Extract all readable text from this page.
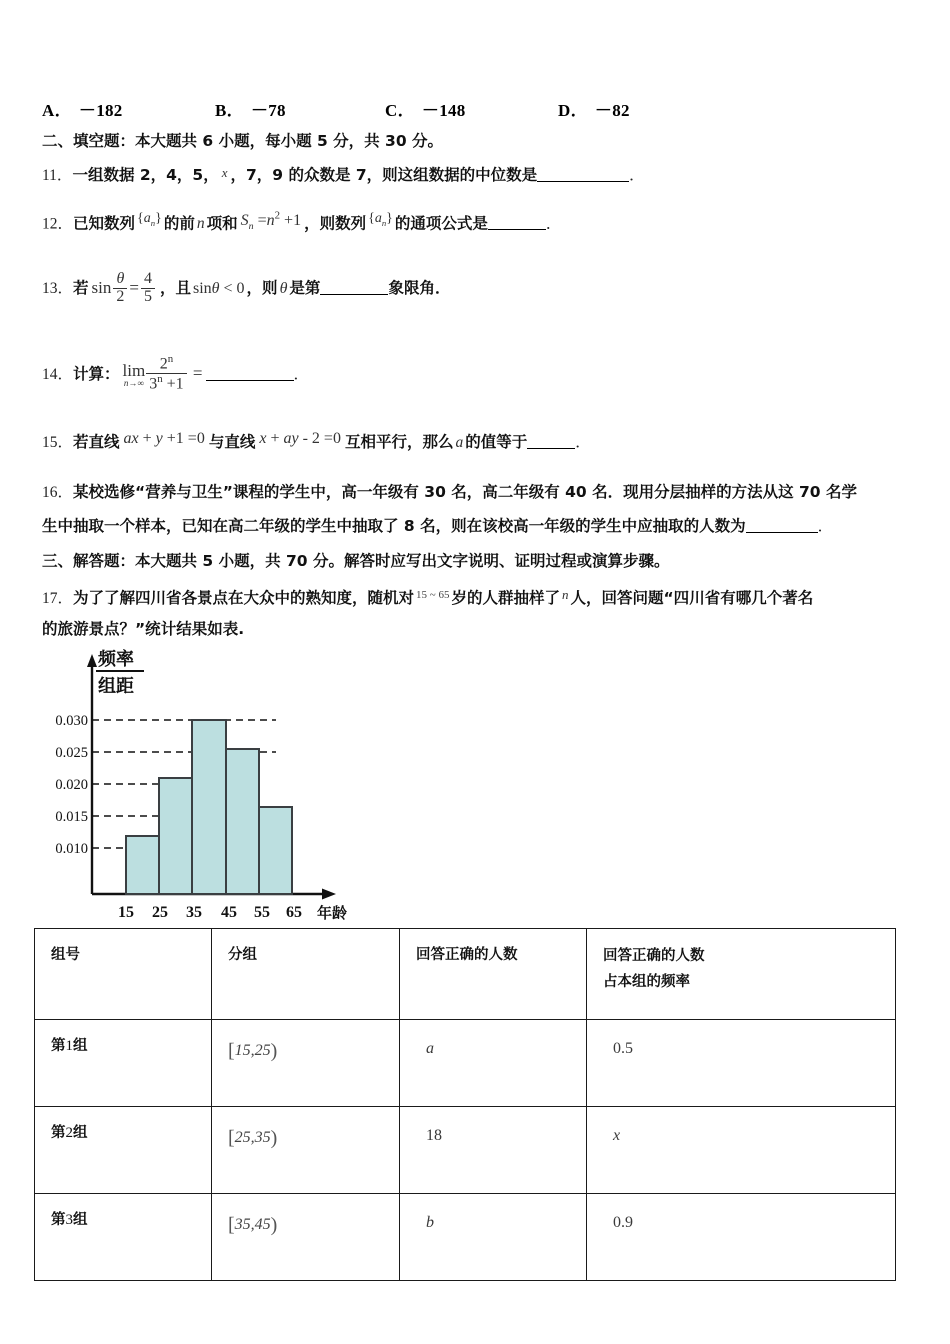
A． －182	B． －78	C． －148	D． －82
二、填空题：本大题共 6 小题，每小题 5 分，共 30 分。
11．一组数据 2，4，5， x ，7，9 的众数是 7，则这组数据的中位数是	．
12．已知数列 $\{a_n\}$ 的前 n 项和 $S_n =n^2 +1$ ，则数列 $\{a_n\}$ 的通项公式是	．
13．若 $\sin \frac{\theta}{2} = \frac{4}{5}$ ，且 sinθ < 0 ，则 θ 是第	象限角．
14．计算： lim
$n\to\infty \frac{2^n}{3^n +1}$ =	．
15．若直线 ax + y +1 =0 与直线 x + ay - 2 =0 互相平行，那么 a 的值等于	．
16．某校选修“营养与卫生”课程的学生中，高一年级有 30 名，高二年级有 40 名．现用分层抽样的方法从这 70 名学
生中抽取一个样本，已知在高二年级的学生中抽取了 8 名，则在该校高一年级的学生中应抽取的人数为	．
三、解答题：本大题共 5 小题，共 70 分。解答时应写出文字说明、证明过程或演算步骤。
17．为了了解四川省各景点在大众中的熟知度，随机对 $^{15 \sim 65}$ 岁的人群抽样了 $^n$ 人，回答问题“四川省有哪几个著名
的旅游景点？”统计结果如表.
频率
组距
0.030
0.025
0.020
0.015
0.010
15 25 35 45 55 65 年龄
组号	分组	回答正确的人数	回答正确的人数
占本组的频率

第1组	[15,25)	a	0.5
第2组	[25,35)	18	x
第3组	[35,45)	b	0.9
